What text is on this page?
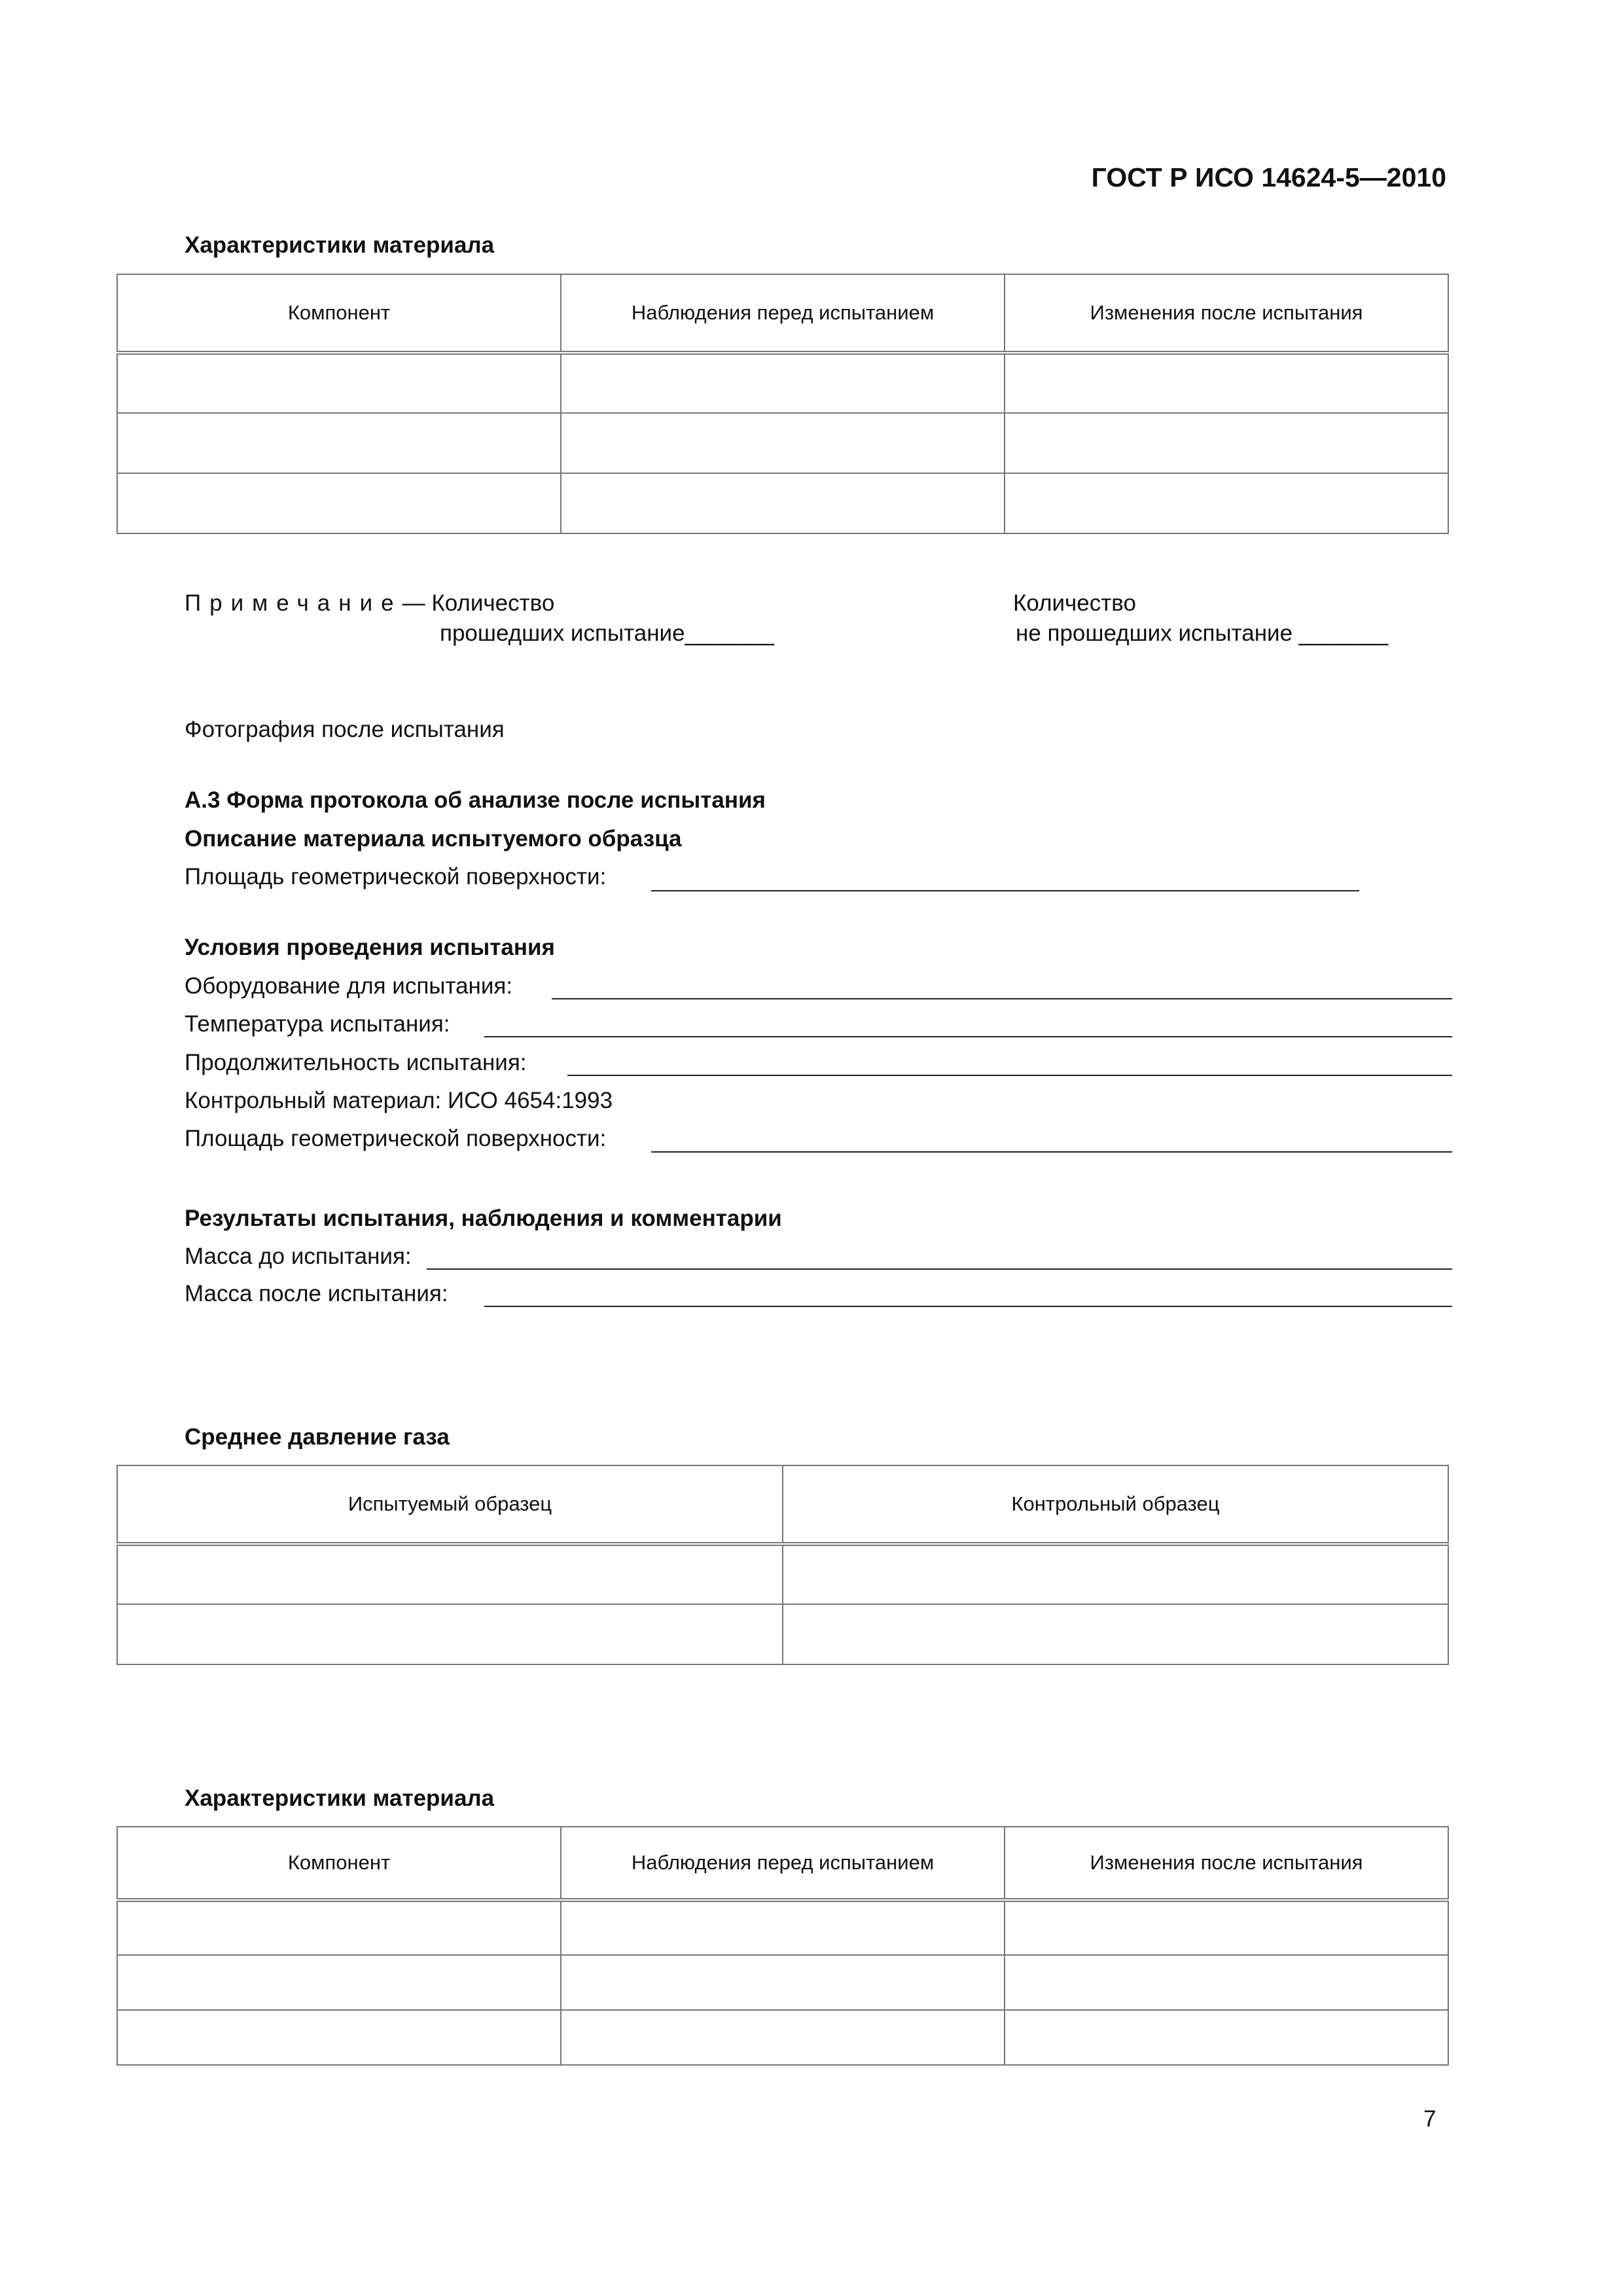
ГОСТ Р ИСО 14624-5—2010
Характеристики материала
Компонент	Наблюдения перед испытанием	Изменения после испытания

Примечание— Количество
прошедших испытание_______
Количество
не прошедших испытание _______
Фотография после испытания
А.3 Форма протокола об анализе после испытания
Описание материала испытуемого образца
Площадь геометрической поверхности:
Условия проведения испытания
Оборудование для испытания:
Температура испытания:
Продолжительность испытания:
Контрольный материал: ИСО 4654:1993
Площадь геометрической поверхности:
Результаты испытания, наблюдения и комментарии
Масса до испытания:
Масса после испытания:
Среднее давление газа
Испытуемый образец	Контрольный образец

Характеристики материала
Компонент	Наблюдения перед испытанием	Изменения после испытания

7
